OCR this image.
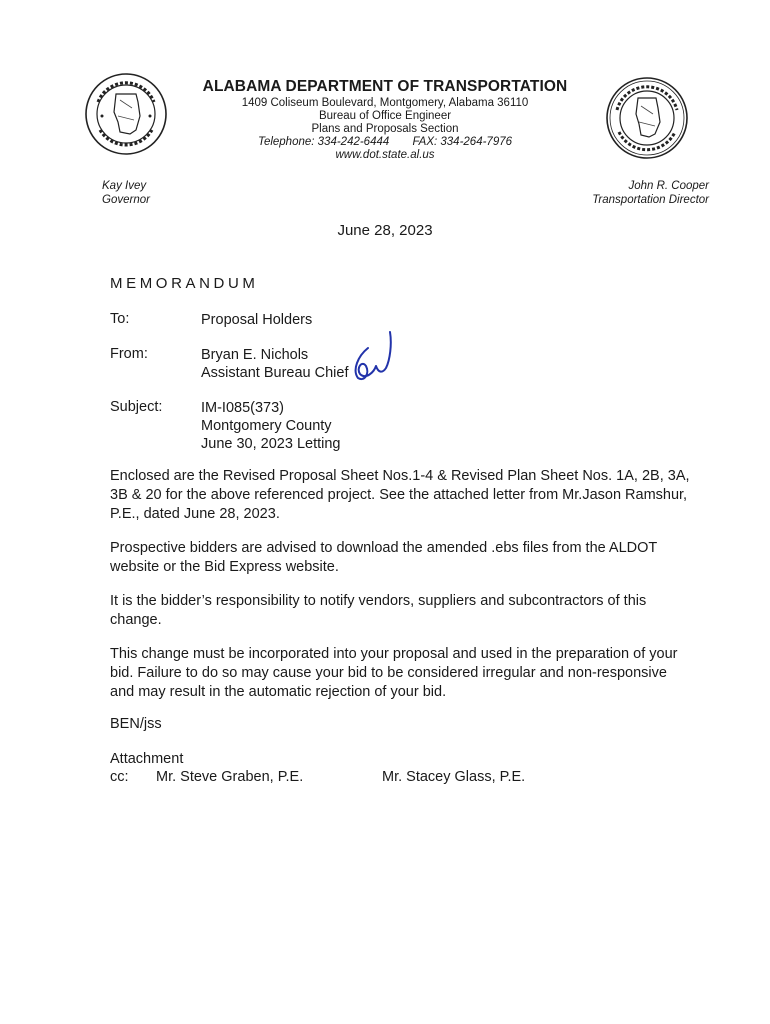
ALABAMA DEPARTMENT OF TRANSPORTATION
1409 Coliseum Boulevard, Montgomery, Alabama 36110
Bureau of Office Engineer
Plans and Proposals Section
Telephone: 334-242-6444 FAX: 334-264-7976
www.dot.state.al.us
Kay Ivey
Governor
John R. Cooper
Transportation Director
June 28, 2023
MEMORANDUM
To:	Proposal Holders
From:	Bryan E. Nichols
Assistant Bureau Chief
Subject:	IM-I085(373)
Montgomery County
June 30, 2023 Letting
Enclosed are the Revised Proposal Sheet Nos.1-4 & Revised Plan Sheet Nos. 1A, 2B, 3A, 3B & 20 for the above referenced project. See the attached letter from Mr.Jason Ramshur, P.E., dated June 28, 2023.
Prospective bidders are advised to download the amended .ebs files from the ALDOT website or the Bid Express website.
It is the bidder’s responsibility to notify vendors, suppliers and subcontractors of this change.
This change must be incorporated into your proposal and used in the preparation of your bid. Failure to do so may cause your bid to be considered irregular and non-responsive and may result in the automatic rejection of your bid.
BEN/jss
Attachment
cc: Mr. Steve Graben, P.E.	Mr. Stacey Glass, P.E.
